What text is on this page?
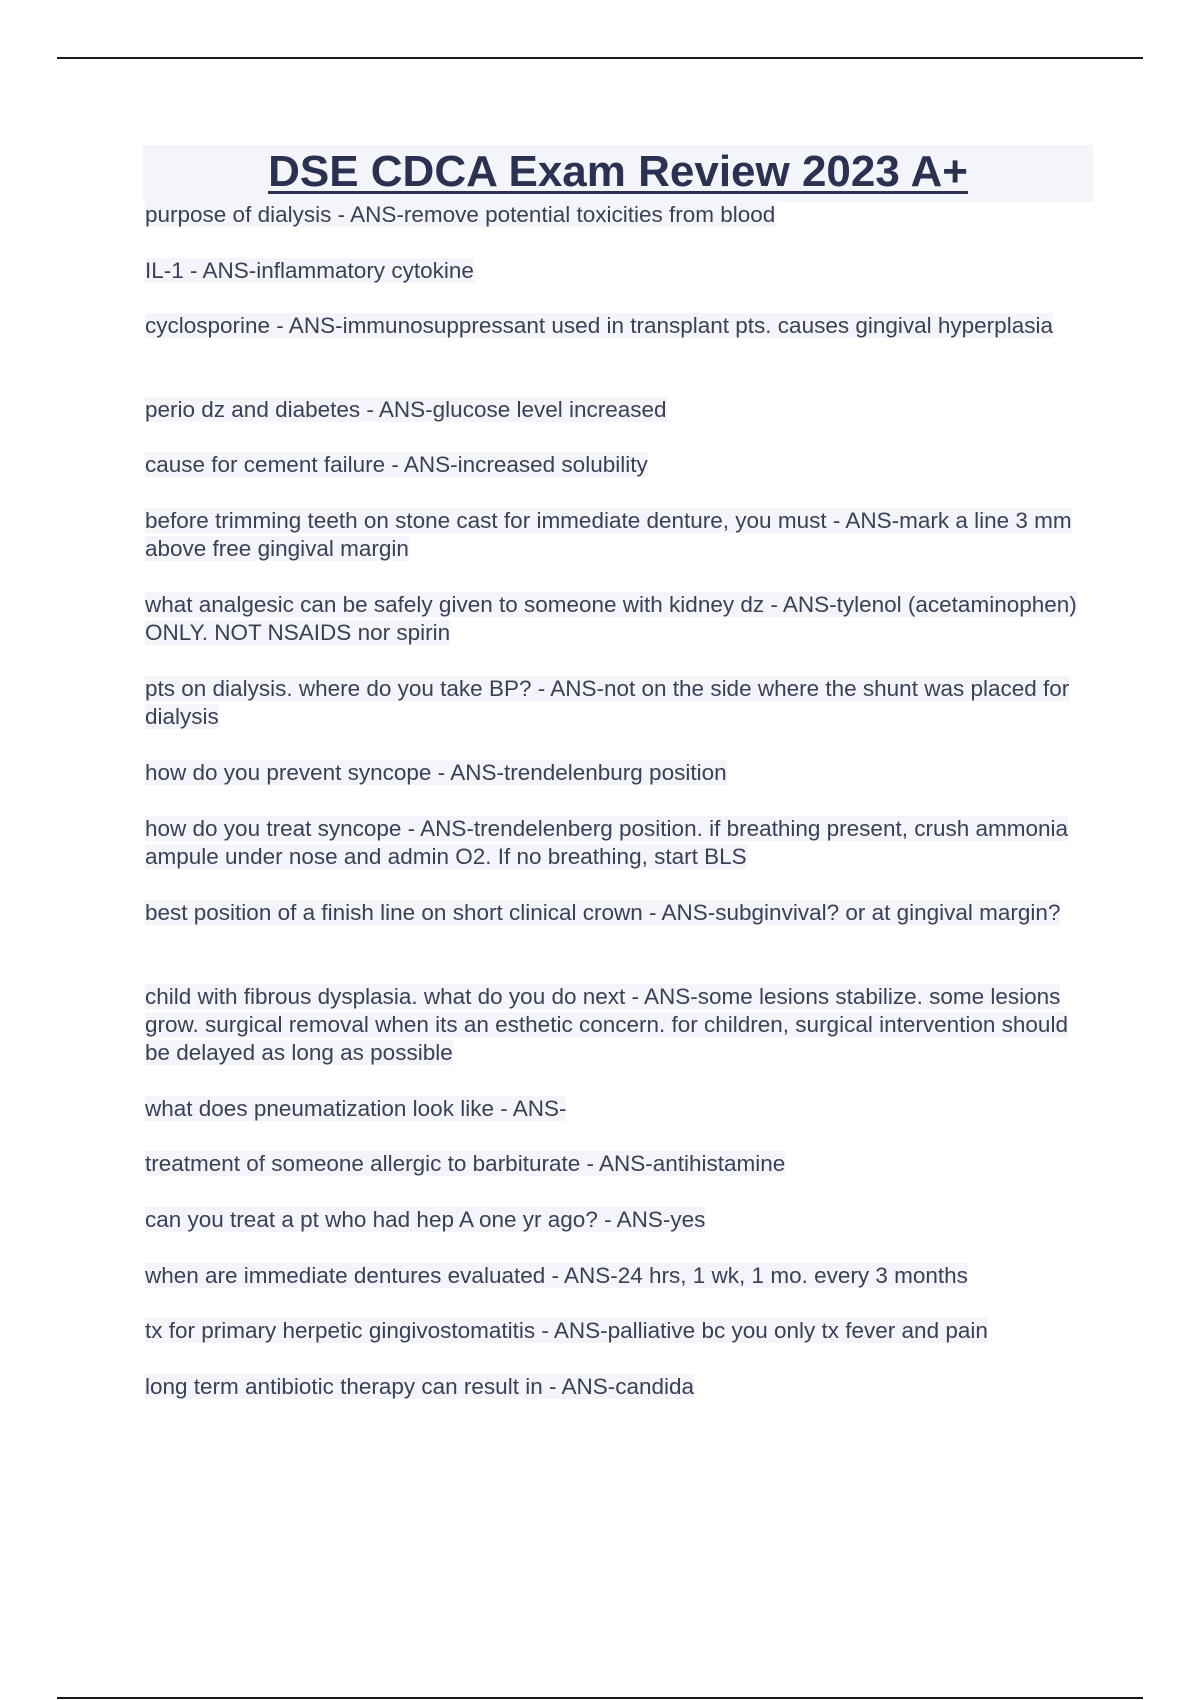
DSE CDCA Exam Review 2023 A+
purpose of dialysis - ANS-remove potential toxicities from blood
IL-1 - ANS-inflammatory cytokine
cyclosporine - ANS-immunosuppressant used in transplant pts. causes gingival hyperplasia
perio dz and diabetes - ANS-glucose level increased
cause for cement failure - ANS-increased solubility
before trimming teeth on stone cast for immediate denture, you must - ANS-mark a line 3 mm above free gingival margin
what analgesic can be safely given to someone with kidney dz - ANS-tylenol (acetaminophen) ONLY. NOT NSAIDS nor spirin
pts on dialysis. where do you take BP? - ANS-not on the side where the shunt was placed for dialysis
how do you prevent syncope - ANS-trendelenburg position
how do you treat syncope - ANS-trendelenberg position. if breathing present, crush ammonia ampule under nose and admin O2. If no breathing, start BLS
best position of a finish line on short clinical crown - ANS-subginvival? or at gingival margin?
child with fibrous dysplasia. what do you do next - ANS-some lesions stabilize. some lesions grow. surgical removal when its an esthetic concern. for children, surgical intervention should be delayed as long as possible
what does pneumatization look like - ANS-
treatment of someone allergic to barbiturate - ANS-antihistamine
can you treat a pt who had hep A one yr ago? - ANS-yes
when are immediate dentures evaluated - ANS-24 hrs, 1 wk, 1 mo. every 3 months
tx for primary herpetic gingivostomatitis - ANS-palliative bc you only tx fever and pain
long term antibiotic therapy can result in - ANS-candida
